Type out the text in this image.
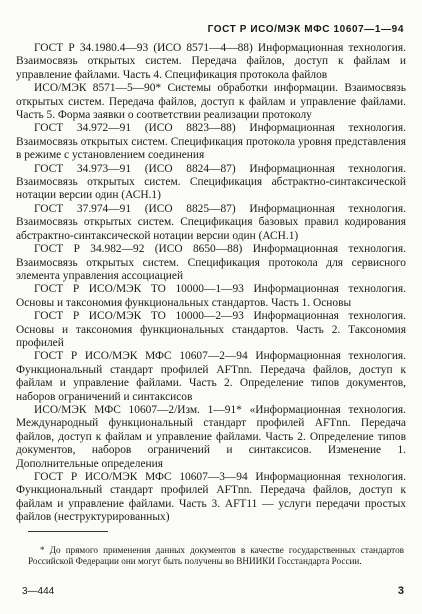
ГОСТ Р ИСО/МЭК МФС 10607—1—94

ГОСТ Р 34.1980.4—93 (ИСО 8571—4—88) Информационная технология. Взаимосвязь открытых систем. Передача файлов, доступ к файлам и управление файлами. Часть 4. Спецификация протокола файлов

ИСО/МЭК 8571—5—90* Системы обработки информации. Взаимосвязь открытых систем. Передача файлов, доступ к файлам и управление файлами. Часть 5. Форма заявки о соответствии реализации протоколу

ГОСТ 34.972—91 (ИСО 8823—88) Информационная технология. Взаимосвязь открытых систем. Спецификация протокола уровня представления в режиме с установлением соединения

ГОСТ 34.973—91 (ИСО 8824—87) Информационная технология. Взаимосвязь открытых систем. Спецификация абстрактно-синтаксической нотации версии один (АСН.1)

ГОСТ 37.974—91 (ИСО 8825—87) Информационная технология. Взаимосвязь открытых систем. Спецификация базовых правил кодирования абстрактно-синтаксической нотации версии один (АСН.1)

ГОСТ Р 34.982—92 (ИСО 8650—88) Информационная технология. Взаимосвязь открытых систем. Спецификация протокола для сервисного элемента управления ассоциацией

ГОСТ Р ИСО/МЭК ТО 10000—1—93 Информационная технология. Основы и таксономия функциональных стандартов. Часть 1. Основы

ГОСТ Р ИСО/МЭК ТО 10000—2—93 Информационная технология. Основы и таксономия функциональных стандартов. Часть 2. Таксономия профилей

ГОСТ Р ИСО/МЭК МФС 10607—2—94 Информационная технология. Функциональный стандарт профилей AFTnn. Передача файлов, доступ к файлам и управление файлами. Часть 2. Определение типов документов, наборов ограничений и синтаксисов

ИСО/МЭК МФС 10607—2/Изм. 1—91* «Информационная технология. Международный функциональный стандарт профилей AFTnn. Передача файлов, доступ к файлам и управление файлами. Часть 2. Определение типов документов, наборов ограничений и синтаксисов. Изменение 1. Дополнительные определения

ГОСТ Р ИСО/МЭК МФС 10607—3—94 Информационная технология. Функциональный стандарт профилей AFTnn. Передача файлов, доступ к файлам и управление файлами. Часть 3. AFT11 — услуги передачи простых файлов (неструктурированных)

* До прямого применения данных документов в качестве государственных стандартов Российской Федерации они могут быть получены во ВНИИКИ Госстандарта России.

3—444	3
